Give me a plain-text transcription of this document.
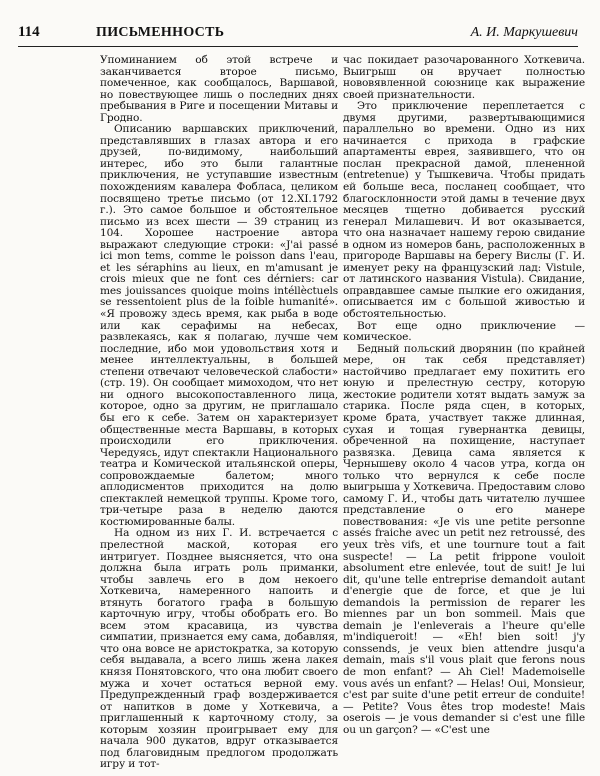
114	ПИСЬМЕННОСТЬ	А. И. Маркушевич

Упоминанием об этой встрече и заканчивается второе письмо, помеченное, как сообщалось, Варшавой, но повествующее лишь о последних днях пребывания в Риге и посещении Митавы и Гродно.

Описанию варшавских приключений, представлявших в глазах автора и его друзей, по-видимому, наибольший интерес, ибо это были галантные приключения, не уступавшие известным похождениям кавалера Фобласа, целиком посвящено третье письмо (от 12.XI.1792 г.). Это самое большое и обстоятельное письмо из всех шести — 39 страниц из 104. Хорошее настроение автора выражают следующие строки: «J'ai passé ici mon tems, comme le poisson dans l'eau, et les séraphins au lieux, en m'amusant je crois mieux que ne font ces dérniers: car mes jouissances quoique moins intéllèctuels se ressentoient plus de la foible humanité». «Я провожу здесь время, как рыба в воде или как серафимы на небесах, развлекаясь, как я полагаю, лучше чем последние, ибо мои удовольствия хотя и менее интеллектуальны, в большей степени отвечают человеческой слабости» (стр. 19). Он сообщает мимоходом, что нет ни одного высокопоставленного лица, которое, одно за другим, не приглашало бы его к себе. Затем он характеризует общественные места Варшавы, в которых происходили его приключения. Чередуясь, идут спектакли Национального театра и Комической итальянской оперы, сопровождаемые балетом; много аплодисментов приходится на долю спектаклей немецкой труппы. Кроме того, три-четыре раза в неделю даются костюмированные балы.

На одном из них Г. И. встречается с прелестной маской, которая его интригует. Позднее выясняется, что она должна была играть роль приманки, чтобы завлечь его в дом некоего Хоткевича, намеренного напоить и втянуть богатого графа в большую карточную игру, чтобы обобрать его. Во всем этом красавица, из чувства симпатии, признается ему сама, добавляя, что она вовсе не аристократка, за которую себя выдавала, а всего лишь жена лакея князя Понятовского, что она любит своего мужа и хочет остаться верной ему. Предупрежденный граф воздерживается от напитков в доме у Хоткевича, а приглашенный к карточному столу, за которым хозяин проигрывает ему для начала 900 дукатов, вдруг отказывается под благовидным предлогом продолжать игру и тот-

час покидает разочарованного Хоткевича. Выигрыш он вручает полностью нововявленной союзнице как выражение своей признательности.

Это приключение переплетается с двумя другими, развертывающимися параллельно во времени. Одно из них начинается с прихода в графские апартаменты еврея, заявившего, что он послан прекрасной дамой, плененной (entretenue) у Тышкевича. Чтобы придать ей больше веса, посланец сообщает, что благосклонности этой дамы в течение двух месяцев тщетно добивается русский генерал Милашевич. И вот оказывается, что она назначает нашему герою свидание в одном из номеров бань, расположенных в пригороде Варшавы на берегу Вислы (Г. И. именует реку на французский лад: Vistule, от латинского названия Vistula). Свидание, оправдавшее самые пылкие его ожидания, описывается им с большой живостью и обстоятельностью.

Вот еще одно приключение — комическое.

Бедный польский дворянин (по крайней мере, он так себя представляет) настойчиво предлагает ему похитить его юную и прелестную сестру, которую жестокие родители хотят выдать замуж за старика. После ряда сцен, в которых, кроме брата, участвует также длинная, сухая и тощая гувернантка девицы, обреченной на похищение, наступает развязка. Девица сама является к Чернышеву около 4 часов утра, когда он только что вернулся к себе после выигрыша у Хоткевича. Предоставим слово самому Г. И., чтобы дать читателю лучшее представление о его манере повествования: «Je vis une petite personne assés fraiche avec un petit nez retroussé, des yeux très vifs, et une tournure tout a fait suspecte! — La petit frippone vouloit absolument etre enlevée, tout de suit! Je lui dit, qu'une telle entreprise demandoit autant d'energie que de force, et que je lui demandois la permission de reparer les miennes par un bon sommeil. Mais que demain je l'enleverais a l'heure qu'elle m'indiqueroit! — «Eh! bien soit! j'y conssends, je veux bien attendre jusqu'a demain, mais s'il vous plait que ferons nous de mon enfant? — Ah Ciel! Mademoiselle vous avés un enfant? — Helas! Oui, Monsieur, c'est par suite d'une petit erreur de conduite! — Petite? Vous êtes trop modeste! Mais oserois — je vous demander si c'est une fille ou un garçon? — «C'est une
